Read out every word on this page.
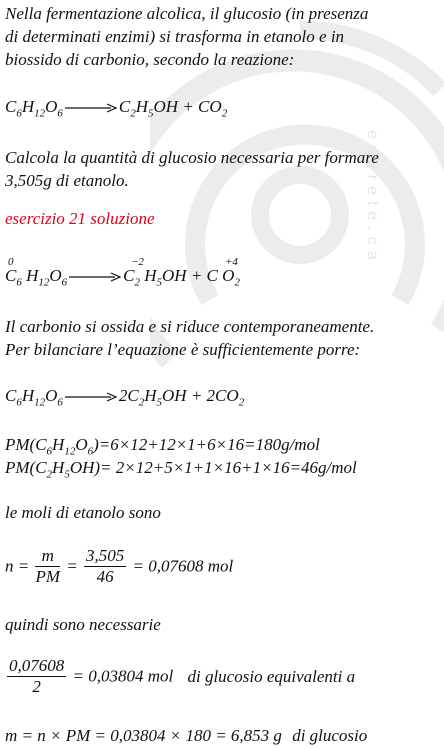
edurete.ca
Nella fermentazione alcolica, il glucosio (in presenza
di determinati enzimi) si trasforma in etanolo e in
biossido di carbonio, secondo la reazione:
$C_6H_{12}O_6 \to C_2H_5OH + CO_2$
Calcola la quantità di glucosio necessaria per formare
3,505g di etanolo.
esercizio 21 soluzione
0	−2	+4
$C_6$ $H_{12}O_6 \to C_2$ $H_5OH + C$ $O_2$
Il carbonio si ossida e si riduce contemporaneamente.
Per bilanciare l’equazione è sufficientemente porre:
$C_6H_{12}O_6 \to 2C_2H_5OH + 2CO_2$
$PM(C_6H_{12}O_6)=6\times 12+12\times 1+6\times 16=180g$/mol
$PM(C_2H_5OH)= 2\times 12+5\times 1+1\times 16+1\times 16=46g/mol$
le moli di etanolo sono
$n = \frac{m}{PM} = \frac{3,505}{46} = 0,07608$ mol
quindi sono necessarie
$\frac{0,07608}{2} = 0,03804$ mol di glucosio equivalenti a
m = n × PM = 0,03804 × 180 = 6,853 g di glucosio
